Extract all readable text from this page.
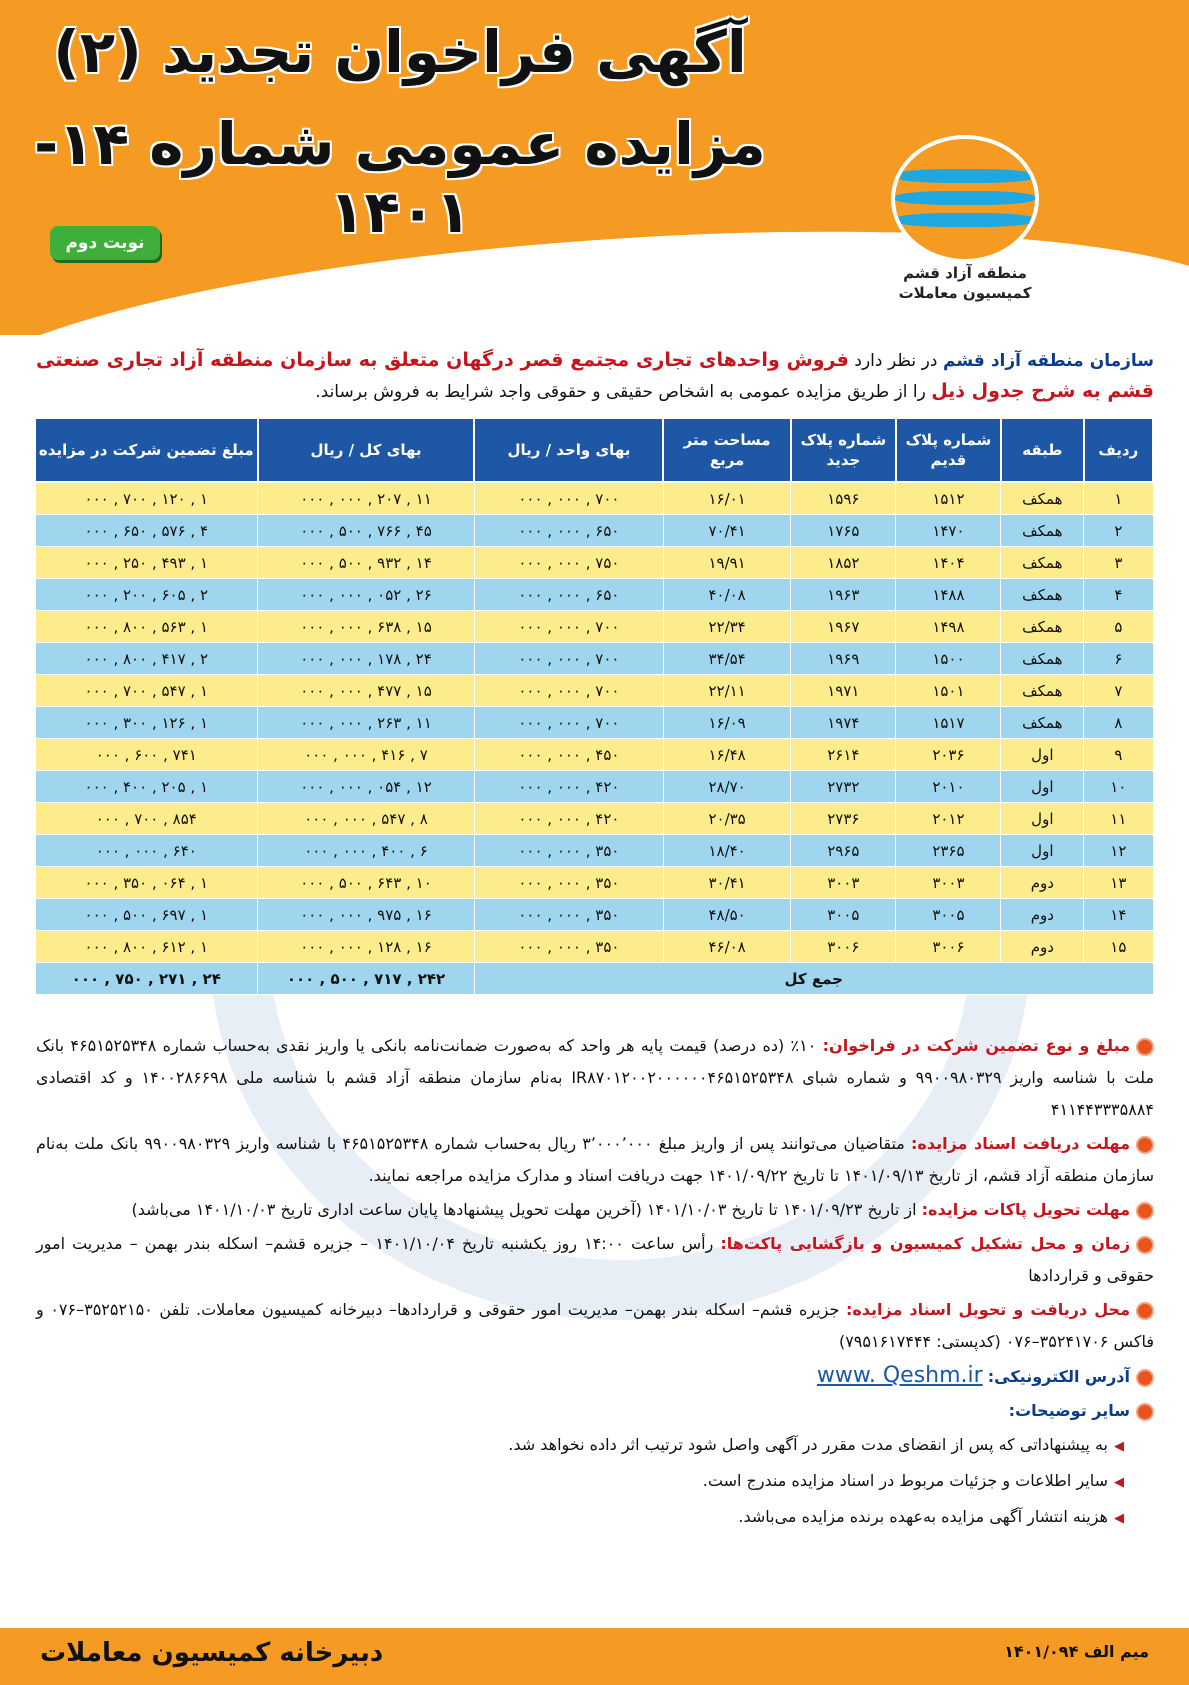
آگهی فراخوان تجدید (۲)
مزایده عمومی شماره ۱۴- ۱۴۰۱
نوبت دوم
منطقه آزاد قشم
کمیسیون معاملات
سازمان منطقه آزاد قشم در نظر دارد فروش واحدهای تجاری مجتمع قصر درگهان متعلق به سازمان منطقه آزاد تجاری صنعتی قشم به شرح جدول ذیل را از طریق مزایده عمومی به اشخاص حقیقی و حقوقی واجد شرایط به فروش برساند.
ردیف	طبقه	شماره پلاک قدیم	شماره پلاک جدید	مساحت متر مربع	بهای واحد / ریال	بهای کل / ریال	مبلغ تضمین شرکت در مزایده
۱	همکف	۱۵۱۲	۱۵۹۶	۱۶/۰۱	۷۰۰ , ۰۰۰ , ۰۰۰	۱۱ , ۲۰۷ , ۰۰۰ , ۰۰۰	۱ , ۱۲۰ , ۷۰۰ , ۰۰۰
۲	همکف	۱۴۷۰	۱۷۶۵	۷۰/۴۱	۶۵۰ , ۰۰۰ , ۰۰۰	۴۵ , ۷۶۶ , ۵۰۰ , ۰۰۰	۴ , ۵۷۶ , ۶۵۰ , ۰۰۰
۳	همکف	۱۴۰۴	۱۸۵۲	۱۹/۹۱	۷۵۰ , ۰۰۰ , ۰۰۰	۱۴ , ۹۳۲ , ۵۰۰ , ۰۰۰	۱ , ۴۹۳ , ۲۵۰ , ۰۰۰
۴	همکف	۱۴۸۸	۱۹۶۳	۴۰/۰۸	۶۵۰ , ۰۰۰ , ۰۰۰	۲۶ , ۰۵۲ , ۰۰۰ , ۰۰۰	۲ , ۶۰۵ , ۲۰۰ , ۰۰۰
۵	همکف	۱۴۹۸	۱۹۶۷	۲۲/۳۴	۷۰۰ , ۰۰۰ , ۰۰۰	۱۵ , ۶۳۸ , ۰۰۰ , ۰۰۰	۱ , ۵۶۳ , ۸۰۰ , ۰۰۰
۶	همکف	۱۵۰۰	۱۹۶۹	۳۴/۵۴	۷۰۰ , ۰۰۰ , ۰۰۰	۲۴ , ۱۷۸ , ۰۰۰ , ۰۰۰	۲ , ۴۱۷ , ۸۰۰ , ۰۰۰
۷	همکف	۱۵۰۱	۱۹۷۱	۲۲/۱۱	۷۰۰ , ۰۰۰ , ۰۰۰	۱۵ , ۴۷۷ , ۰۰۰ , ۰۰۰	۱ , ۵۴۷ , ۷۰۰ , ۰۰۰
۸	همکف	۱۵۱۷	۱۹۷۴	۱۶/۰۹	۷۰۰ , ۰۰۰ , ۰۰۰	۱۱ , ۲۶۳ , ۰۰۰ , ۰۰۰	۱ , ۱۲۶ , ۳۰۰ , ۰۰۰
۹	اول	۲۰۳۶	۲۶۱۴	۱۶/۴۸	۴۵۰ , ۰۰۰ , ۰۰۰	۷ , ۴۱۶ , ۰۰۰ , ۰۰۰	۷۴۱ , ۶۰۰ , ۰۰۰
۱۰	اول	۲۰۱۰	۲۷۳۲	۲۸/۷۰	۴۲۰ , ۰۰۰ , ۰۰۰	۱۲ , ۰۵۴ , ۰۰۰ , ۰۰۰	۱ , ۲۰۵ , ۴۰۰ , ۰۰۰
۱۱	اول	۲۰۱۲	۲۷۳۶	۲۰/۳۵	۴۲۰ , ۰۰۰ , ۰۰۰	۸ , ۵۴۷ , ۰۰۰ , ۰۰۰	۸۵۴ , ۷۰۰ , ۰۰۰
۱۲	اول	۲۳۶۵	۲۹۶۵	۱۸/۴۰	۳۵۰ , ۰۰۰ , ۰۰۰	۶ , ۴۰۰ , ۰۰۰ , ۰۰۰	۶۴۰ , ۰۰۰ , ۰۰۰
۱۳	دوم	۳۰۰۳	۳۰۰۳	۳۰/۴۱	۳۵۰ , ۰۰۰ , ۰۰۰	۱۰ , ۶۴۳ , ۵۰۰ , ۰۰۰	۱ , ۰۶۴ , ۳۵۰ , ۰۰۰
۱۴	دوم	۳۰۰۵	۳۰۰۵	۴۸/۵۰	۳۵۰ , ۰۰۰ , ۰۰۰	۱۶ , ۹۷۵ , ۰۰۰ , ۰۰۰	۱ , ۶۹۷ , ۵۰۰ , ۰۰۰
۱۵	دوم	۳۰۰۶	۳۰۰۶	۴۶/۰۸	۳۵۰ , ۰۰۰ , ۰۰۰	۱۶ , ۱۲۸ , ۰۰۰ , ۰۰۰	۱ , ۶۱۲ , ۸۰۰ , ۰۰۰
جمع کل						۲۴۲ , ۷۱۷ , ۵۰۰ , ۰۰۰	۲۴ , ۲۷۱ , ۷۵۰ , ۰۰۰
مبلغ و نوع تضمین شرکت در فراخوان: ۱۰٪ (ده درصد) قیمت پایه هر واحد که به‌صورت ضمانت‌نامه بانکی یا واریز نقدی به‌حساب شماره ۴۶۵۱۵۲۵۳۴۸ بانک ملت با شناسه واریز ۹۹۰۰۹۸۰۳۲۹ و شماره شبای IR۸۷۰۱۲۰۰۲۰۰۰۰۰۰۴۶۵۱۵۲۵۳۴۸ به‌نام سازمان منطقه آزاد قشم با شناسه ملی ۱۴۰۰۲۸۶۶۹۸ و کد اقتصادی ۴۱۱۴۴۳۳۳۵۸۸۴
مهلت دریافت اسناد مزایده: متقاضیان می‌توانند پس از واریز مبلغ ۳٬۰۰۰٬۰۰۰ ریال به‌حساب شماره ۴۶۵۱۵۲۵۳۴۸ با شناسه واریز ۹۹۰۰۹۸۰۳۲۹ بانک ملت به‌نام سازمان منطقه آزاد قشم، از تاریخ ۱۴۰۱/۰۹/۱۳ تا تاریخ ۱۴۰۱/۰۹/۲۲ جهت دریافت اسناد و مدارک مزایده مراجعه نمایند.
مهلت تحویل پاکات مزایده: از تاریخ ۱۴۰۱/۰۹/۲۳ تا تاریخ ۱۴۰۱/۱۰/۰۳ (آخرین مهلت تحویل پیشنهادها پایان ساعت اداری تاریخ ۱۴۰۱/۱۰/۰۳ می‌باشد)
زمان و محل تشکیل کمیسیون و بازگشایی پاکت‌ها: رأس ساعت ۱۴:۰۰ روز یکشنبه تاریخ ۱۴۰۱/۱۰/۰۴ – جزیره قشم– اسکله بندر بهمن – مدیریت امور حقوقی و قراردادها
محل دریافت و تحویل اسناد مزایده: جزیره قشم– اسکله بندر بهمن– مدیریت امور حقوقی و قراردادها– دبیرخانه کمیسیون معاملات. تلفن ۳۵۲۵۲۱۵۰–۰۷۶ و فاکس ۳۵۲۴۱۷۰۶–۰۷۶ (کدپستی: ۷۹۵۱۶۱۷۴۴۴)
آدرس الکترونیکی: www. Qeshm.ir
سایر توضیحات:
◀به پیشنهاداتی که پس از انقضای مدت مقرر در آگهی واصل شود ترتیب اثر داده نخواهد شد.
◀سایر اطلاعات و جزئیات مربوط در اسناد مزایده مندرج است.
◀هزینه انتشار آگهی مزایده به‌عهده برنده مزایده می‌باشد.
دبیرخانه کمیسیون معاملات	میم الف ۱۴۰۱/۰۹۴
